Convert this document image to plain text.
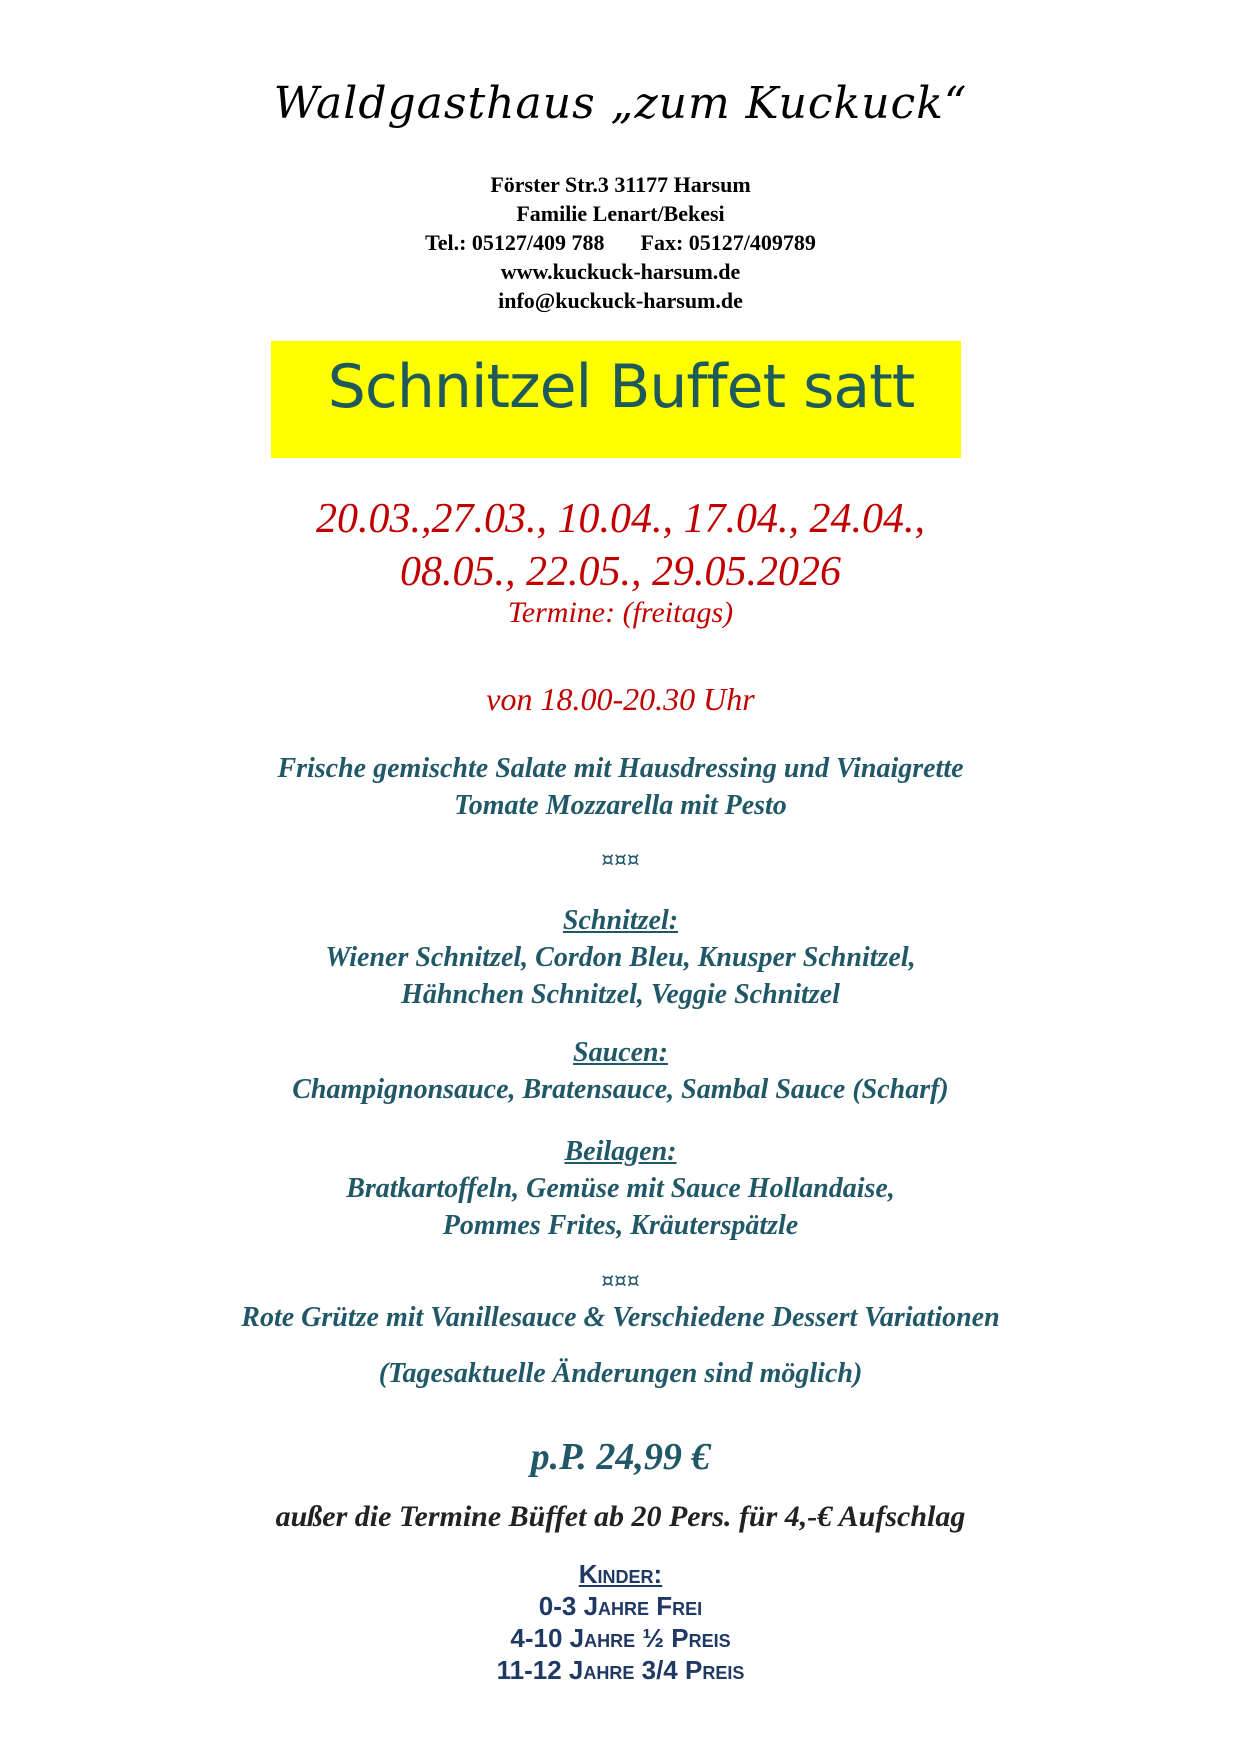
Waldgasthaus „zum Kuckuck“
Förster Str.3 31177 Harsum
Familie Lenart/Bekesi
Tel.: 05127/409 788 Fax: 05127/409789
www.kuckuck-harsum.de
info@kuckuck-harsum.de
Schnitzel Buffet satt
20.03.,27.03., 10.04., 17.04., 24.04.,
08.05., 22.05., 29.05.2026
Termine: (freitags)
von 18.00-20.30 Uhr
Frische gemischte Salate mit Hausdressing und Vinaigrette
Tomate Mozzarella mit Pesto
¤¤¤
Schnitzel:
Wiener Schnitzel, Cordon Bleu, Knusper Schnitzel,
Hähnchen Schnitzel, Veggie Schnitzel
Saucen:
Champignonsauce, Bratensauce, Sambal Sauce (Scharf)
Beilagen:
Bratkartoffeln, Gemüse mit Sauce Hollandaise,
Pommes Frites, Kräuterspätzle
¤¤¤
Rote Grütze mit Vanillesauce & Verschiedene Dessert Variationen
(Tagesaktuelle Änderungen sind möglich)
p.P. 24,99 €
außer die Termine Büffet ab 20 Pers. für 4,-€ Aufschlag
Kinder:
0-3 Jahre Frei
4-10 Jahre ½ Preis
11-12 Jahre 3/4 Preis
